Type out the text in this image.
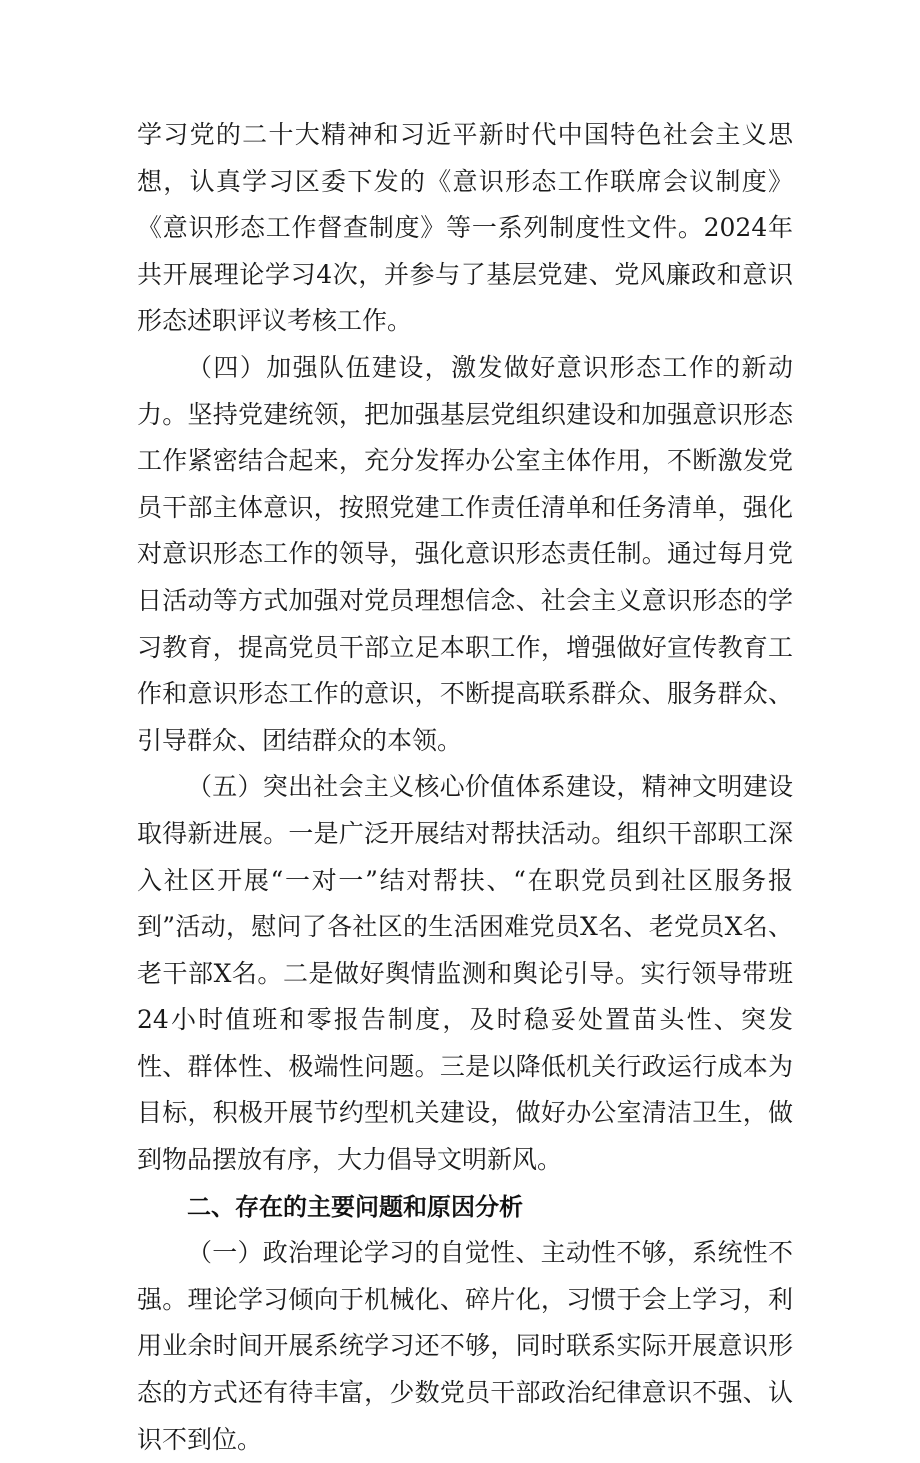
学习党的二十大精神和习近平新时代中国特色社会主义思想，认真学习区委下发的《意识形态工作联席会议制度》《意识形态工作督查制度》等一系列制度性文件。2024年共开展理论学习4次，并参与了基层党建、党风廉政和意识形态述职评议考核工作。

（四）加强队伍建设，激发做好意识形态工作的新动力。坚持党建统领，把加强基层党组织建设和加强意识形态工作紧密结合起来，充分发挥办公室主体作用，不断激发党员干部主体意识，按照党建工作责任清单和任务清单，强化对意识形态工作的领导，强化意识形态责任制。通过每月党日活动等方式加强对党员理想信念、社会主义意识形态的学习教育，提高党员干部立足本职工作，增强做好宣传教育工作和意识形态工作的意识，不断提高联系群众、服务群众、引导群众、团结群众的本领。

（五）突出社会主义核心价值体系建设，精神文明建设取得新进展。一是广泛开展结对帮扶活动。组织干部职工深入社区开展“一对一”结对帮扶、“在职党员到社区服务报到”活动，慰问了各社区的生活困难党员X名、老党员X名、老干部X名。二是做好舆情监测和舆论引导。实行领导带班24小时值班和零报告制度，及时稳妥处置苗头性、突发性、群体性、极端性问题。三是以降低机关行政运行成本为目标，积极开展节约型机关建设，做好办公室清洁卫生，做到物品摆放有序，大力倡导文明新风。

二、存在的主要问题和原因分析

（一）政治理论学习的自觉性、主动性不够，系统性不强。理论学习倾向于机械化、碎片化，习惯于会上学习，利用业余时间开展系统学习还不够，同时联系实际开展意识形态的方式还有待丰富，少数党员干部政治纪律意识不强、认识不到位。
